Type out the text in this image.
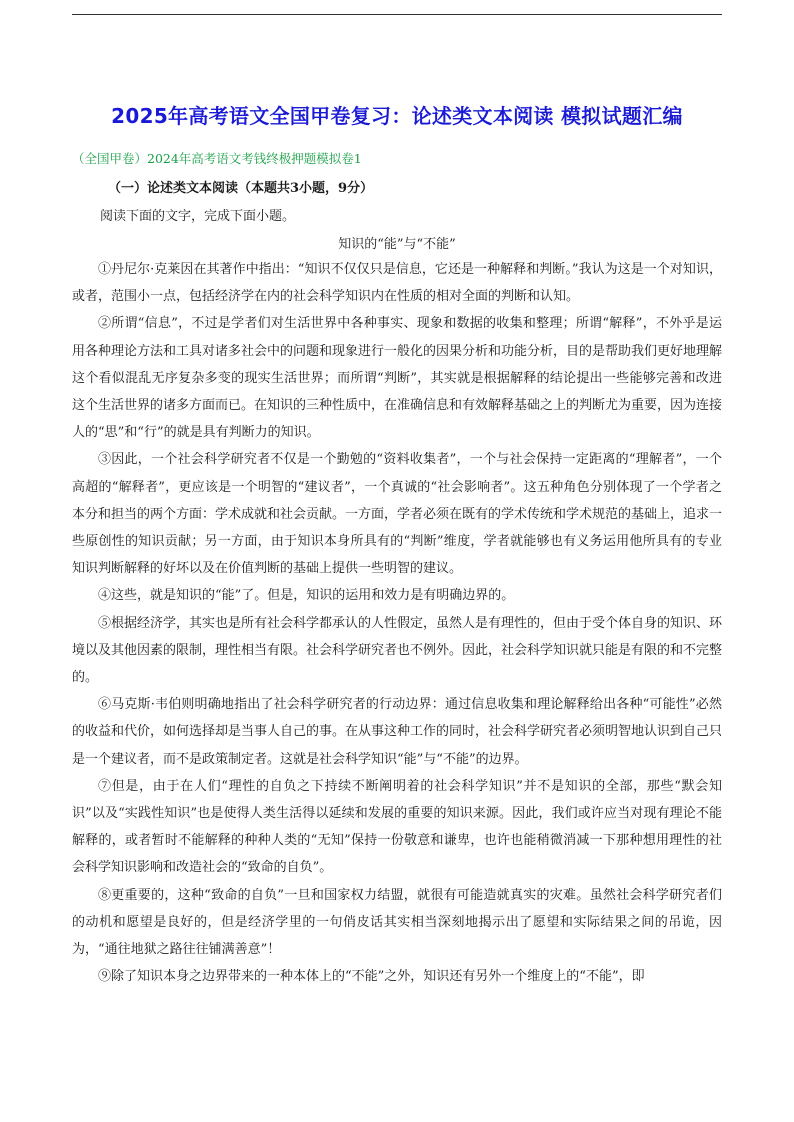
2025年高考语文全国甲卷复习：论述类文本阅读 模拟试题汇编
（全国甲卷）2024年高考语文考钱终极押题模拟卷1
（一）论述类文本阅读（本题共3小题，9分）
阅读下面的文字，完成下面小题。
知识的“能”与“不能”

①丹尼尔·克莱因在其著作中指出：“知识不仅仅只是信息，它还是一种解释和判断。”我认为这是一个对知识，或者，范围小一点，包括经济学在内的社会科学知识内在性质的相对全面的判断和认知。

②所谓“信息”，不过是学者们对生活世界中各种事实、现象和数据的收集和整理；所谓“解释”，不外乎是运用各种理论方法和工具对诸多社会中的问题和现象进行一般化的因果分析和功能分析，目的是帮助我们更好地理解这个看似混乱无序复杂多变的现实生活世界；而所谓“判断”，其实就是根据解释的结论提出一些能够完善和改进这个生活世界的诸多方面而已。在知识的三种性质中，在准确信息和有效解释基础之上的判断尤为重要，因为连接人的“思”和“行”的就是具有判断力的知识。

③因此，一个社会科学研究者不仅是一个勤勉的“资料收集者”，一个与社会保持一定距离的“理解者”，一个高超的“解释者”，更应该是一个明智的“建议者”，一个真诚的“社会影响者”。这五种角色分别体现了一个学者之本分和担当的两个方面：学术成就和社会贡献。一方面，学者必须在既有的学术传统和学术规范的基础上，追求一些原创性的知识贡献；另一方面，由于知识本身所具有的“判断”维度，学者就能够也有义务运用他所具有的专业知识判断解释的好坏以及在价值判断的基础上提供一些明智的建议。

④这些，就是知识的“能”了。但是，知识的运用和效力是有明确边界的。

⑤根据经济学，其实也是所有社会科学都承认的人性假定，虽然人是有理性的，但由于受个体自身的知识、环境以及其他因素的限制，理性相当有限。社会科学研究者也不例外。因此，社会科学知识就只能是有限的和不完整的。

⑥马克斯·韦伯则明确地指出了社会科学研究者的行动边界：通过信息收集和理论解释给出各种“可能性”必然的收益和代价，如何选择却是当事人自己的事。在从事这种工作的同时，社会科学研究者必须明智地认识到自己只是一个建议者，而不是政策制定者。这就是社会科学知识“能”与“不能”的边界。

⑦但是，由于在人们“理性的自负之下持续不断阐明着的社会科学知识”并不是知识的全部，那些“默会知识”以及“实践性知识”也是使得人类生活得以延续和发展的重要的知识来源。因此，我们或许应当对现有理论不能解释的，或者暂时不能解释的种种人类的“无知”保持一份敬意和谦卑，也许也能稍微消减一下那种想用理性的社会科学知识影响和改造社会的“致命的自负”。

⑧更重要的，这种“致命的自负”一旦和国家权力结盟，就很有可能造就真实的灾难。虽然社会科学研究者们的动机和愿望是良好的，但是经济学里的一句俏皮话其实相当深刻地揭示出了愿望和实际结果之间的吊诡，因为，“通往地狱之路往往铺满善意”！

⑨除了知识本身之边界带来的一种本体上的“不能”之外，知识还有另外一个维度上的“不能”，即
